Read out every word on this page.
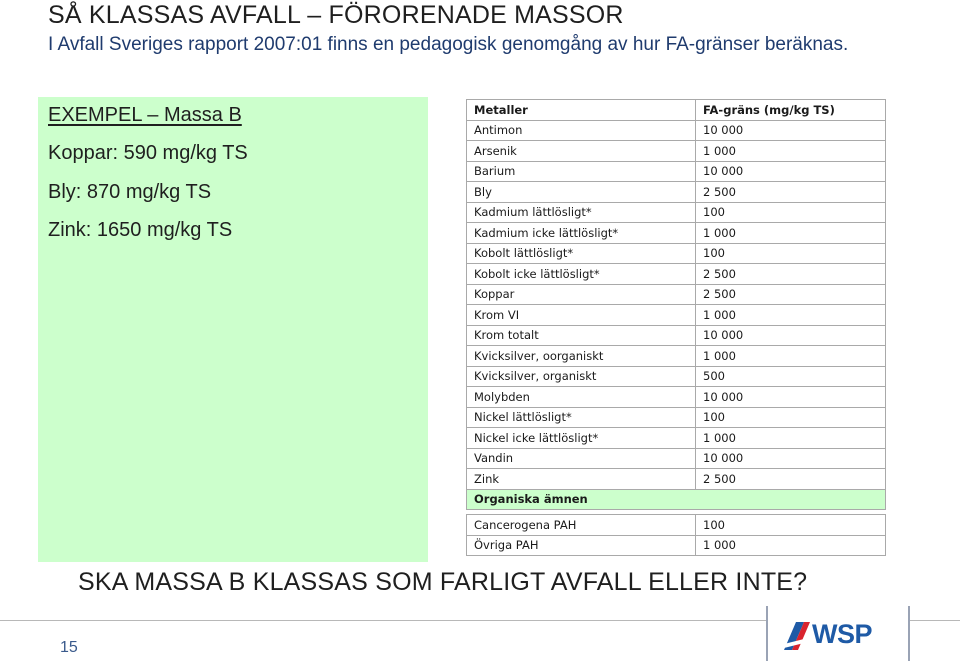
SÅ KLASSAS AVFALL – FÖRORENADE MASSOR
I Avfall Sveriges rapport 2007:01 finns en pedagogisk genomgång av hur FA-gränser beräknas.
EXEMPEL – Massa B
Koppar: 590 mg/kg TS
Bly: 870 mg/kg TS
Zink: 1650 mg/kg TS
Metaller	FA-gräns (mg/kg TS)
Antimon	10 000
Arsenik	1 000
Barium	10 000
Bly	2 500
Kadmium lättlösligt*	100
Kadmium icke lättlösligt*	1 000
Kobolt lättlösligt*	100
Kobolt icke lättlösligt*	2 500
Koppar	2 500
Krom VI	1 000
Krom totalt	10 000
Kvicksilver, oorganiskt	1 000
Kvicksilver, organiskt	500
Molybden	10 000
Nickel lättlösligt*	100
Nickel icke lättlösligt*	1 000
Vandin	10 000
Zink	2 500
Organiska ämnen	

Cancerogena PAH	100
Övriga PAH	1 000
SKA MASSA B KLASSAS SOM FARLIGT AVFALL ELLER INTE?
15	WSP
